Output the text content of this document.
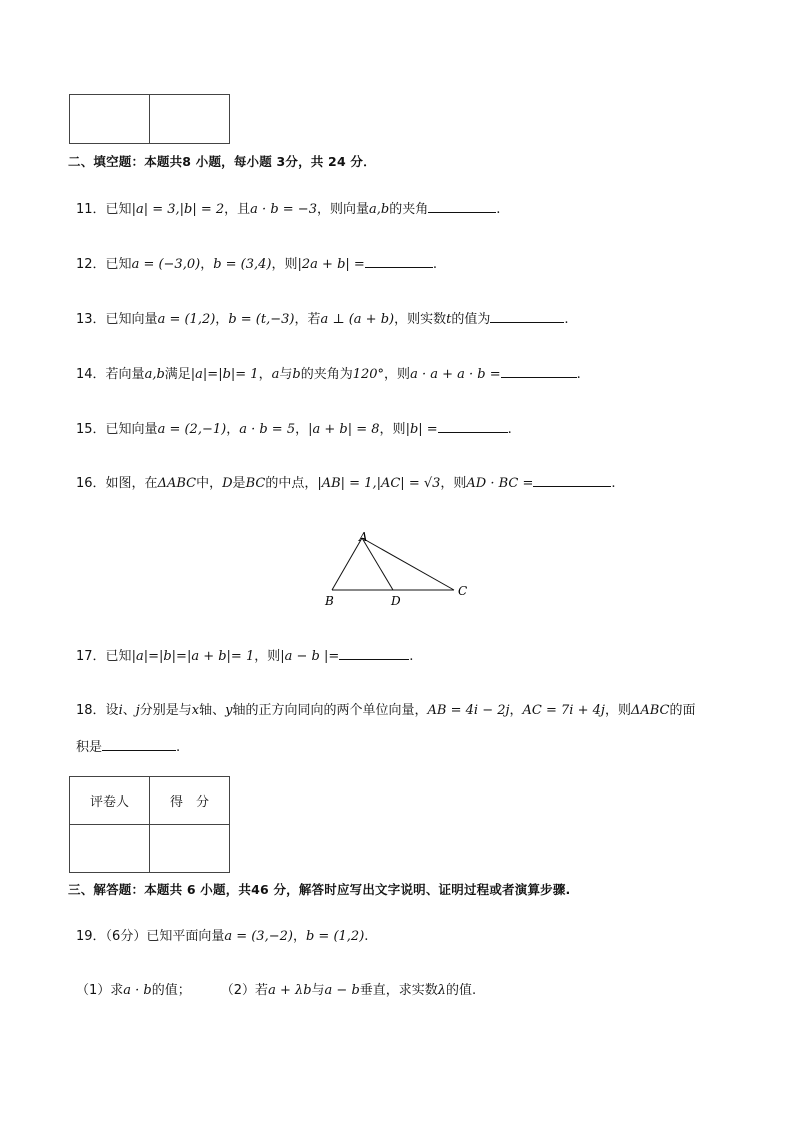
二、填空题：本题共8 小题，每小题 3分，共 24 分．
11．已知|a| = 3,|b| = 2，且a · b = −3，则向量a,b的夹角	.
12．已知a = (−3,0)，b = (3,4)，则|2a + b| =	.
13．已知向量a = (1,2)，b = (t,−3)，若a ⊥ (a + b)，则实数t的值为	.
14．若向量a,b满足|a|=|b|= 1，a与b的夹角为120°，则a · a + a · b =	.
15．已知向量a = (2,−1)，a · b = 5，|a + b| = 8，则|b| =	.
16．如图，在ΔABC中，D是BC的中点，|AB| = 1,|AC| = √3，则AD · BC =	.
A
B	D
C
17．已知|a|=|b|=|a + b|= 1，则|a − b |=	.
18．设i、j分别是与x轴、y轴的正方向同向的两个单位向量，AB = 4i − 2j，AC = 7i + 4j，则ΔABC的面
积是	.
评卷人	得　分

三、解答题：本题共 6 小题，共46 分，解答时应写出文字说明、证明过程或者演算步骤.
19．（6分）已知平面向量a = (3,−2)，b = (1,2).
（1）求a · b的值； （2）若a + λb与a − b垂直，求实数λ的值.
